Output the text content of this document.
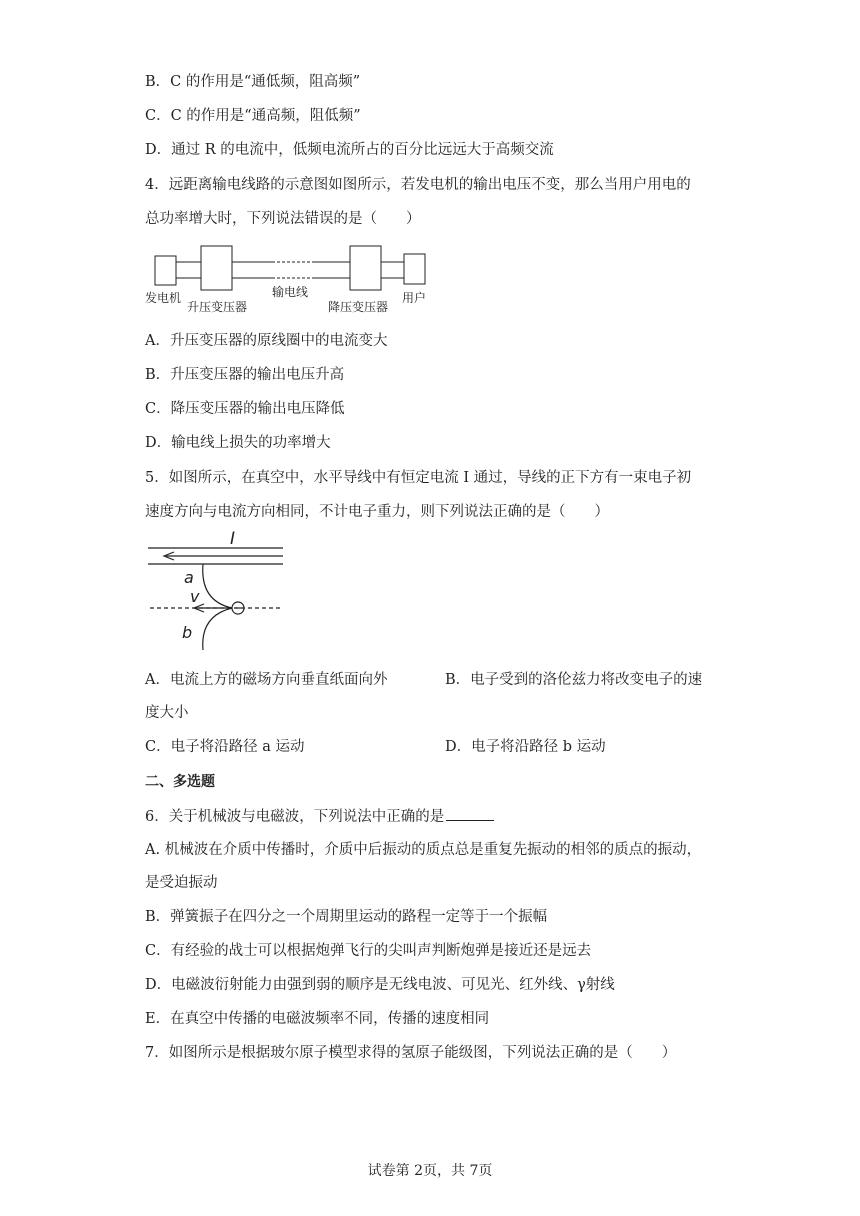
B．C 的作用是“通低频，阻高频”
C．C 的作用是“通高频，阻低频”
D．通过 R 的电流中，低频电流所占的百分比远远大于高频交流
4．远距离输电线路的示意图如图所示，若发电机的输出电压不变，那么当用户用电的
总功率增大时，下列说法错误的是（　　）
发电机
升压变压器
输电线
降压变压器
用户
A．升压变压器的原线圈中的电流变大
B．升压变压器的输出电压升高
C．降压变压器的输出电压降低
D．输电线上损失的功率增大
5．如图所示，在真空中，水平导线中有恒定电流 I 通过，导线的正下方有一束电子初
速度方向与电流方向相同，不计电子重力，则下列说法正确的是（　　）
I
a
v
b
A．电流上方的磁场方向垂直纸面向外	B．电子受到的洛伦兹力将改变电子的速
度大小
C．电子将沿路径 a 运动	D．电子将沿路径 b 运动
二、多选题
6．关于机械波与电磁波，下列说法中正确的是
A. 机械波在介质中传播时，介质中后振动的质点总是重复先振动的相邻的质点的振动，
是受迫振动
B．弹簧振子在四分之一个周期里运动的路程一定等于一个振幅
C．有经验的战士可以根据炮弹飞行的尖叫声判断炮弹是接近还是远去
D．电磁波衍射能力由强到弱的顺序是无线电波、可见光、红外线、γ射线
E．在真空中传播的电磁波频率不同，传播的速度相同
7．如图所示是根据玻尔原子模型求得的氢原子能级图，下列说法正确的是（　　）
试卷第 2页，共 7页
